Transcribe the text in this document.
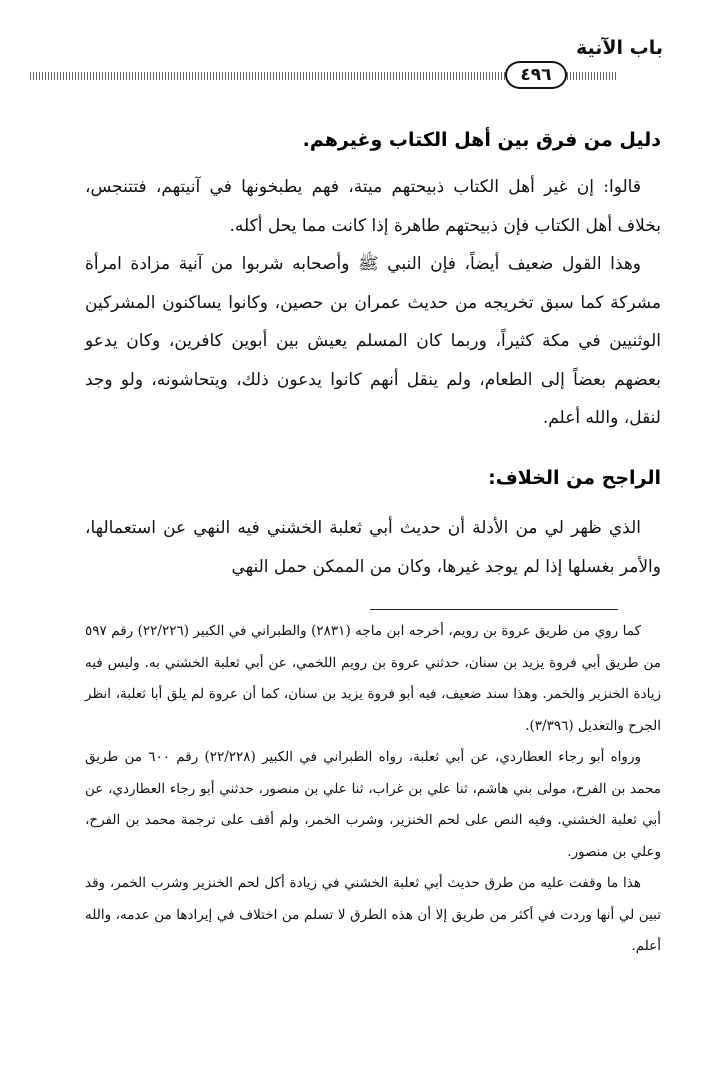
باب الآنية
٤٩٦
دليل من فرق بين أهل الكتاب وغيرهم.

قالوا: إن غير أهل الكتاب ذبيحتهم ميتة، فهم يطبخونها في آنيتهم، فتتنجس، بخلاف أهل الكتاب فإن ذبيحتهم طاهرة إذا كانت مما يحل أكله.

وهذا القول ضعيف أيضاً، فإن النبي ﷺ وأصحابه شربوا من آنية مزادة امرأة مشركة كما سبق تخريجه من حديث عمران بن حصين، وكانوا يساكنون المشركين الوثنيين في مكة كثيراً، وربما كان المسلم يعيش بين أبوين كافرين، وكان يدعو بعضهم بعضاً إلى الطعام، ولم ينقل أنهم كانوا يدعون ذلك، ويتحاشونه، ولو وجد لنقل، والله أعلم.

الراجح من الخلاف:

الذي ظهر لي من الأدلة أن حديث أبي ثعلبة الخشني فيه النهي عن استعمالها، والأمر بغسلها إذا لم يوجد غيرها، وكان من الممكن حمل النهي

كما روي من طريق عروة بن رويم، أخرجه ابن ماجه (٢٨٣١) والطبراني في الكبير (٢٢/٢٢٦) رقم ٥٩٧ من طريق أبي فروة يزيد بن سنان، حدثني عروة بن رويم اللخمي، عن أبي ثعلبة الخشني به. وليس فيه زيادة الخنزير والخمر. وهذا سند ضعيف، فيه أبو فروة يزيد بن سنان، كما أن عروة لم يلق أبا ثعلبة، انظر الجرح والتعديل (٣/٣٩٦).

ورواه أبو رجاء العطاردي، عن أبي ثعلبة، رواه الطبراني في الكبير (٢٢/٢٢٨) رقم ٦٠٠ من طريق محمد بن الفرح، مولى بني هاشم، ثنا علي بن غراب، ثنا علي بن منصور، حدثني أبو رجاء العطاردي، عن أبي ثعلبة الخشني. وفيه النص على لحم الخنزير، وشرب الخمر، ولم أقف على ترجمة محمد بن الفرح، وعلي بن منصور.

هذا ما وقفت عليه من طرق حديث أبي ثعلبة الخشني في زيادة أكل لحم الخنزير وشرب الخمر، وقد تبين لي أنها وردت في أكثر من طريق إلا أن هذه الطرق لا تسلم من اختلاف في إيرادها من عدمه، والله أعلم.
